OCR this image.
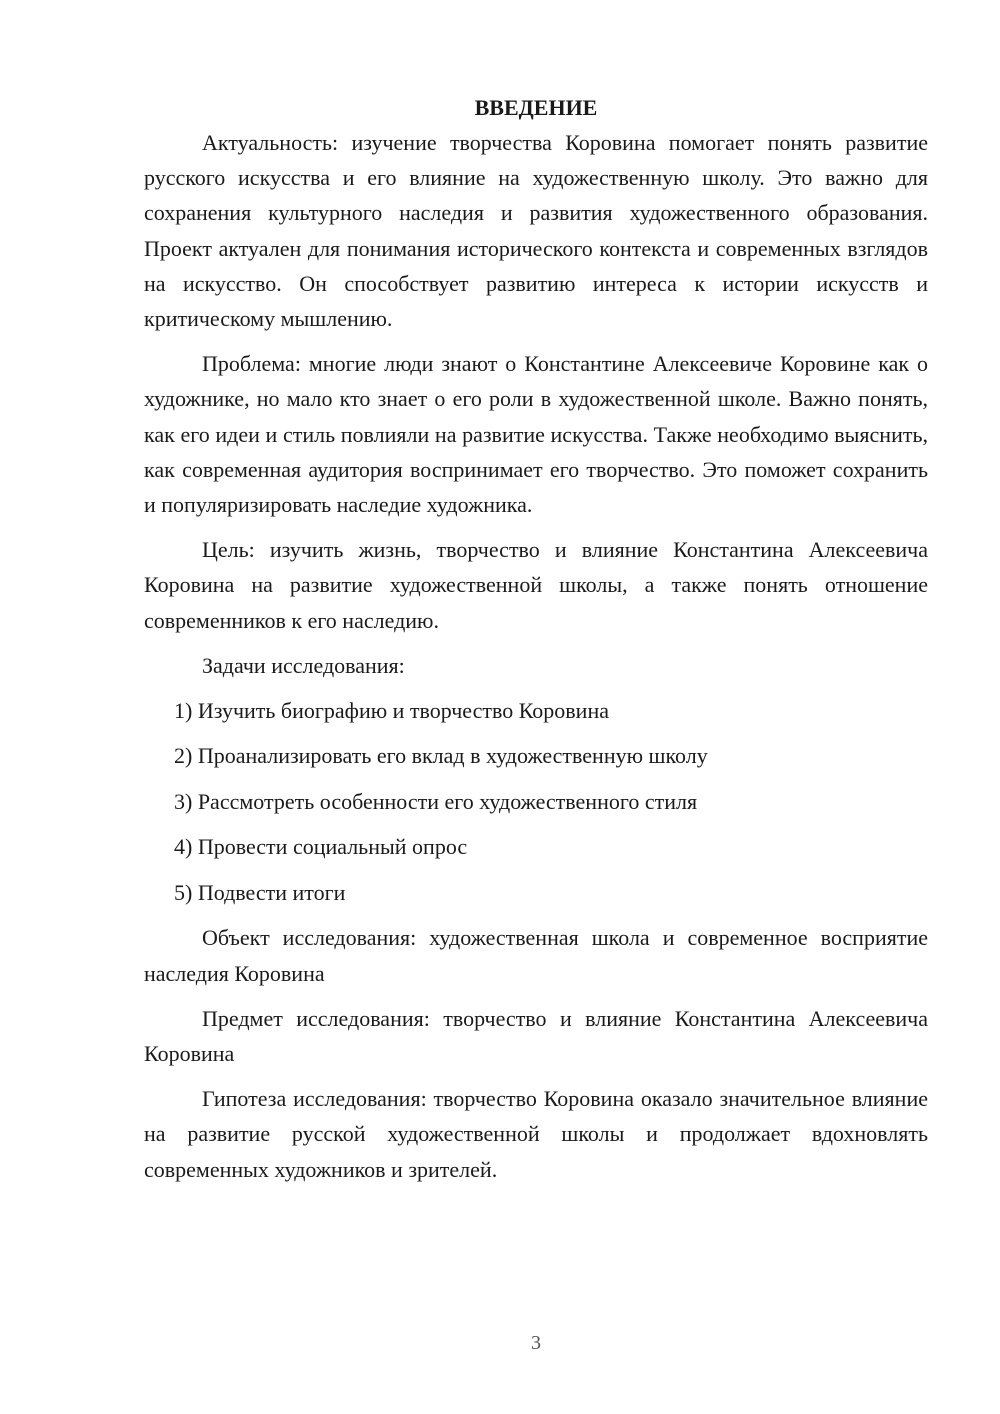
ВВЕДЕНИЕ

Актуальность: изучение творчества Коровина помогает понять развитие русского искусства и его влияние на художественную школу. Это важно для сохранения культурного наследия и развития художественного образования. Проект актуален для понимания исторического контекста и современных взглядов на искусство. Он способствует развитию интереса к истории искусств и критическому мышлению.

Проблема: многие люди знают о Константине Алексеевиче Коровине как о художнике, но мало кто знает о его роли в художественной школе. Важно понять, как его идеи и стиль повлияли на развитие искусства. Также необходимо выяснить, как современная аудитория воспринимает его творчество. Это поможет сохранить и популяризировать наследие художника.

Цель: изучить жизнь, творчество и влияние Константина Алексеевича Коровина на развитие художественной школы, а также понять отношение современников к его наследию.

Задачи исследования:

1) Изучить биографию и творчество Коровина
2) Проанализировать его вклад в художественную школу
3) Рассмотреть особенности его художественного стиля
4) Провести социальный опрос
5) Подвести итоги

Объект исследования: художественная школа и современное восприятие наследия Коровина

Предмет исследования: творчество и влияние Константина Алексеевича Коровина

Гипотеза исследования: творчество Коровина оказало значительное влияние на развитие русской художественной школы и продолжает вдохновлять современных художников и зрителей.

3
